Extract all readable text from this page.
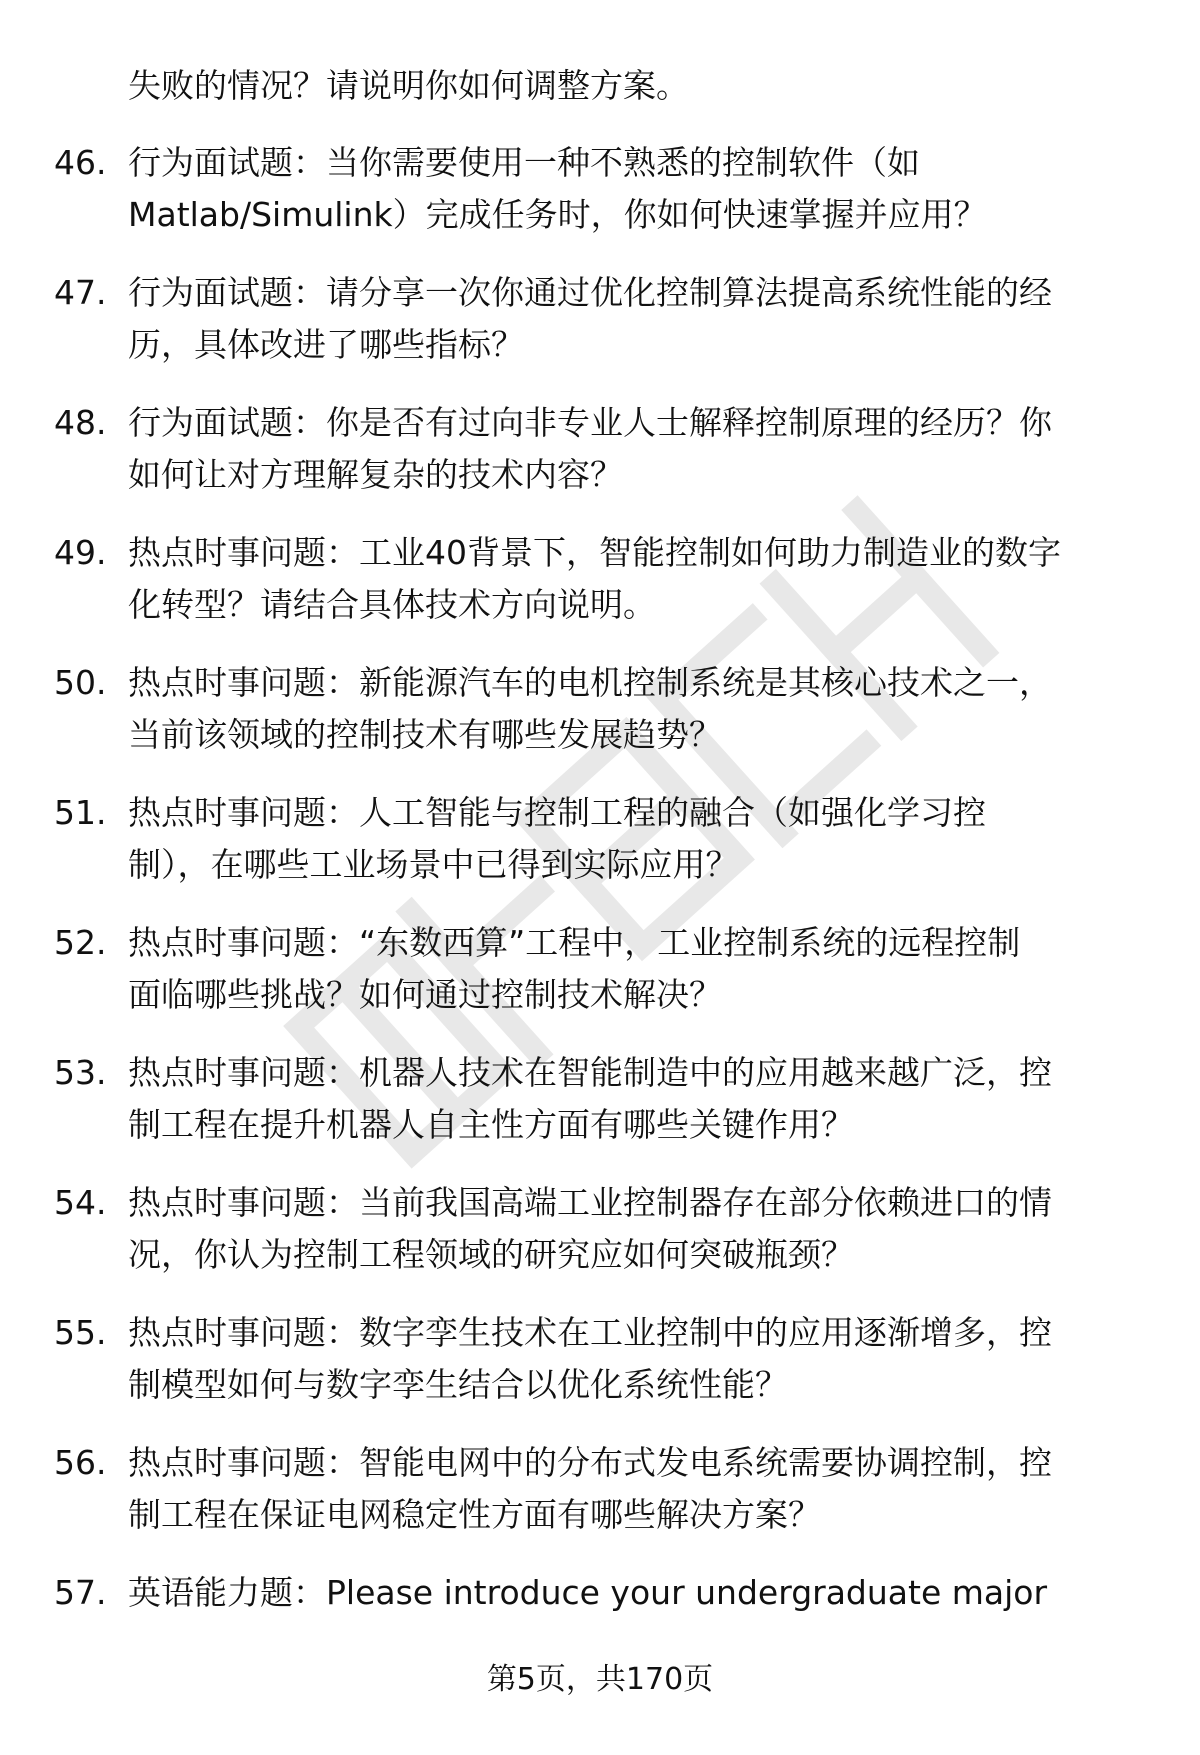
失败的情况？请说明你如何调整方案。
46. 行为面试题：当你需要使用一种不熟悉的控制软件（如
Matlab/Simulink）完成任务时，你如何快速掌握并应用？
47. 行为面试题：请分享一次你通过优化控制算法提高系统性能的经
历，具体改进了哪些指标？
48. 行为面试题：你是否有过向非专业人士解释控制原理的经历？你
如何让对方理解复杂的技术内容？
49. 热点时事问题：工业40背景下，智能控制如何助力制造业的数字
化转型？请结合具体技术方向说明。
50. 热点时事问题：新能源汽车的电机控制系统是其核心技术之一，
当前该领域的控制技术有哪些发展趋势？
51. 热点时事问题：人工智能与控制工程的融合（如强化学习控
制），在哪些工业场景中已得到实际应用？
52. 热点时事问题：“东数西算”工程中，工业控制系统的远程控制
面临哪些挑战？如何通过控制技术解决？
53. 热点时事问题：机器人技术在智能制造中的应用越来越广泛，控
制工程在提升机器人自主性方面有哪些关键作用？
54. 热点时事问题：当前我国高端工业控制器存在部分依赖进口的情
况，你认为控制工程领域的研究应如何突破瓶颈？
55. 热点时事问题：数字孪生技术在工业控制中的应用逐渐增多，控
制模型如何与数字孪生结合以优化系统性能？
56. 热点时事问题：智能电网中的分布式发电系统需要协调控制，控
制工程在保证电网稳定性方面有哪些解决方案？
57. 英语能力题：Please introduce your undergraduate major
第5页，共170页
